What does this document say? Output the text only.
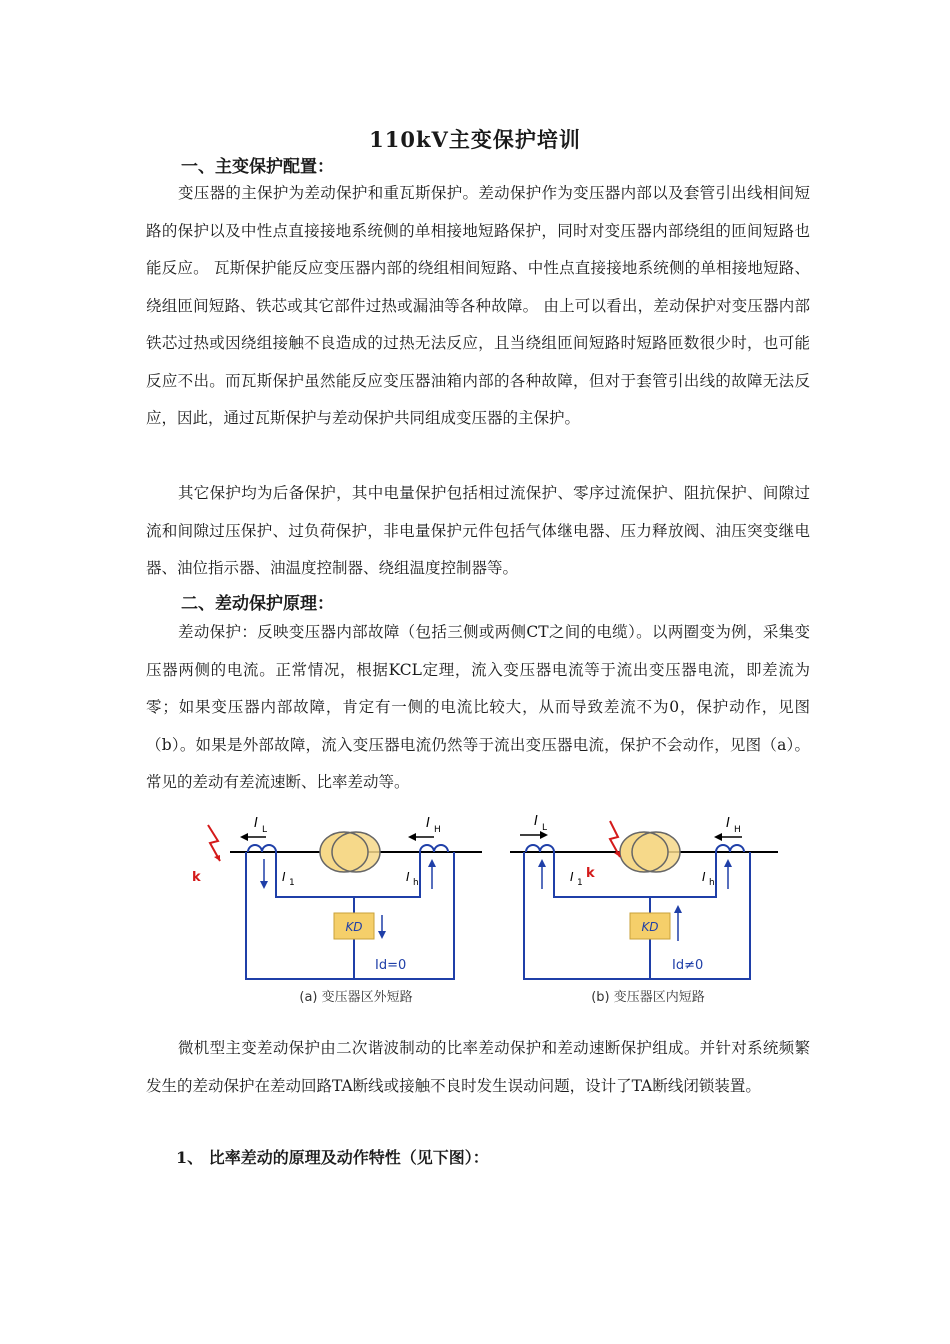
110kV主变保护培训
一、主变保护配置：

变压器的主保护为差动保护和重瓦斯保护。差动保护作为变压器内部以及套管引出线相间短路的保护以及中性点直接接地系统侧的单相接地短路保护，同时对变压器内部绕组的匝间短路也能反应。 瓦斯保护能反应变压器内部的绕组相间短路、中性点直接接地系统侧的单相接地短路、绕组匝间短路、铁芯或其它部件过热或漏油等各种故障。 由上可以看出，差动保护对变压器内部铁芯过热或因绕组接触不良造成的过热无法反应，且当绕组匝间短路时短路匝数很少时，也可能反应不出。而瓦斯保护虽然能反应变压器油箱内部的各种故障，但对于套管引出线的故障无法反应，因此，通过瓦斯保护与差动保护共同组成变压器的主保护。

其它保护均为后备保护，其中电量保护包括相过流保护、零序过流保护、阻抗保护、间隙过流和间隙过压保护、过负荷保护，非电量保护元件包括气体继电器、压力释放阀、油压突变继电器、油位指示器、油温度控制器、绕组温度控制器等。

二、差动保护原理：

差动保护：反映变压器内部故障（包括三侧或两侧CT之间的电缆）。以两圈变为例，采集变压器两侧的电流。正常情况，根据KCL定理，流入变压器电流等于流出变压器电流，即差流为零；如果变压器内部故障，肯定有一侧的电流比较大，从而导致差流不为0，保护动作，见图（b）。如果是外部故障，流入变压器电流仍然等于流出变压器电流，保护不会动作，见图（a）。常见的差动有差流速断、比率差动等。

KD
k
I L	I H
I 1	I h
Id=0
(a) 变压器区外短路
KD
k
I L	I H
I 1	I h
Id≠0
(b) 变压器区内短路

微机型主变差动保护由二次谐波制动的比率差动保护和差动速断保护组成。并针对系统频繁发生的差动保护在差动回路TA断线或接触不良时发生误动问题，设计了TA断线闭锁装置。

1、 比率差动的原理及动作特性（见下图）：
